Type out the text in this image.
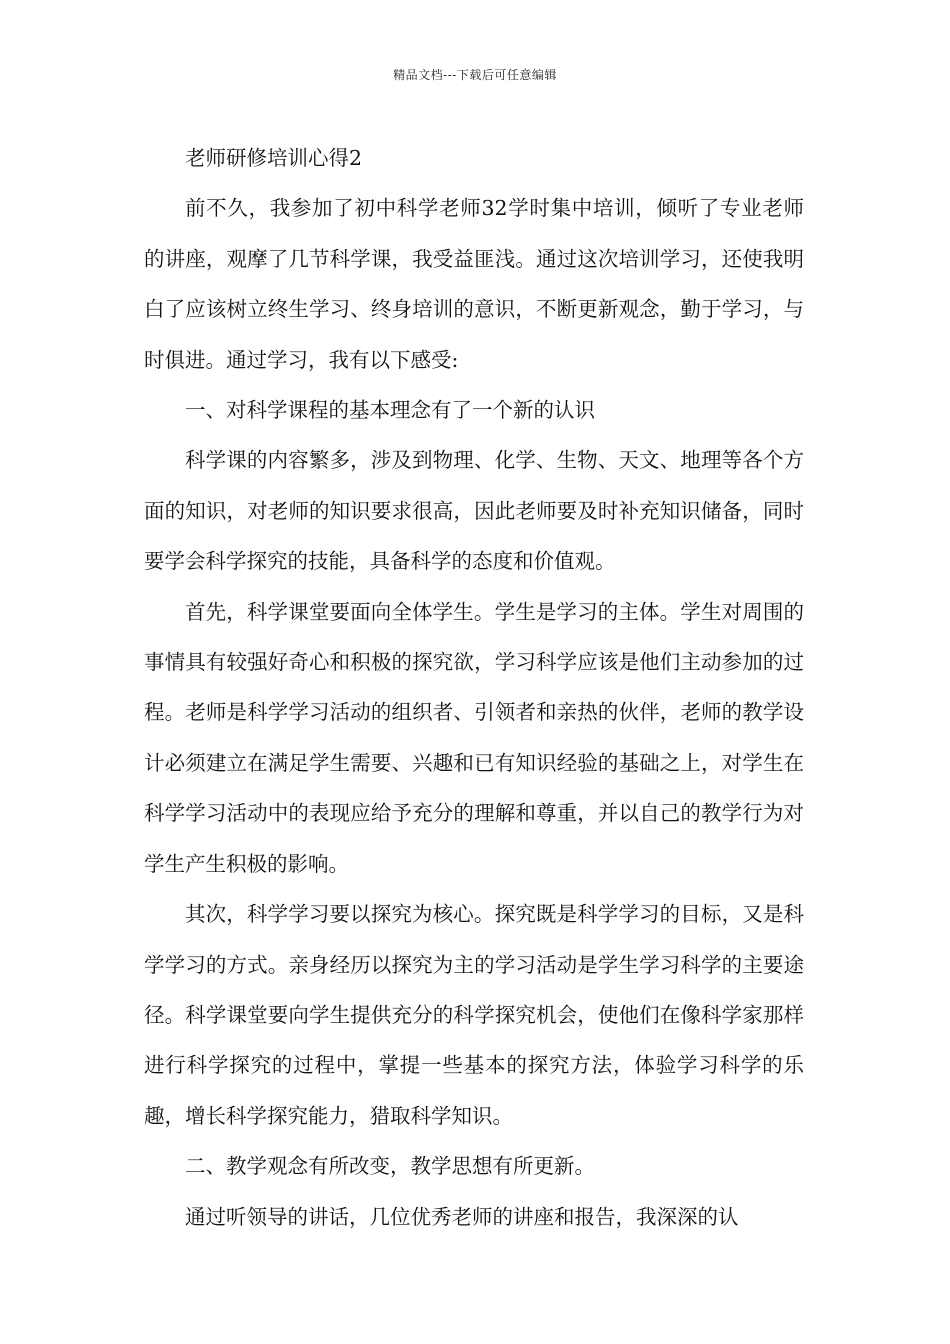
精品文档---下载后可任意编辑

老师研修培训心得2

前不久，我参加了初中科学老师32学时集中培训，倾听了专业老师的讲座，观摩了几节科学课，我受益匪浅。通过这次培训学习，还使我明白了应该树立终生学习、终身培训的意识，不断更新观念，勤于学习，与时俱进。通过学习，我有以下感受:

一、对科学课程的基本理念有了一个新的认识

科学课的内容繁多，涉及到物理、化学、生物、天文、地理等各个方面的知识，对老师的知识要求很高，因此老师要及时补充知识储备，同时要学会科学探究的技能，具备科学的态度和价值观。

首先，科学课堂要面向全体学生。学生是学习的主体。学生对周围的事情具有较强好奇心和积极的探究欲，学习科学应该是他们主动参加的过程。老师是科学学习活动的组织者、引领者和亲热的伙伴，老师的教学设计必须建立在满足学生需要、兴趣和已有知识经验的基础之上，对学生在科学学习活动中的表现应给予充分的理解和尊重，并以自己的教学行为对学生产生积极的影响。

其次，科学学习要以探究为核心。探究既是科学学习的目标，又是科学学习的方式。亲身经历以探究为主的学习活动是学生学习科学的主要途径。科学课堂要向学生提供充分的科学探究机会，使他们在像科学家那样进行科学探究的过程中，掌提一些基本的探究方法，体验学习科学的乐趣，增长科学探究能力，猎取科学知识。

二、教学观念有所改变，教学思想有所更新。

通过听领导的讲话，几位优秀老师的讲座和报告，我深深的认
